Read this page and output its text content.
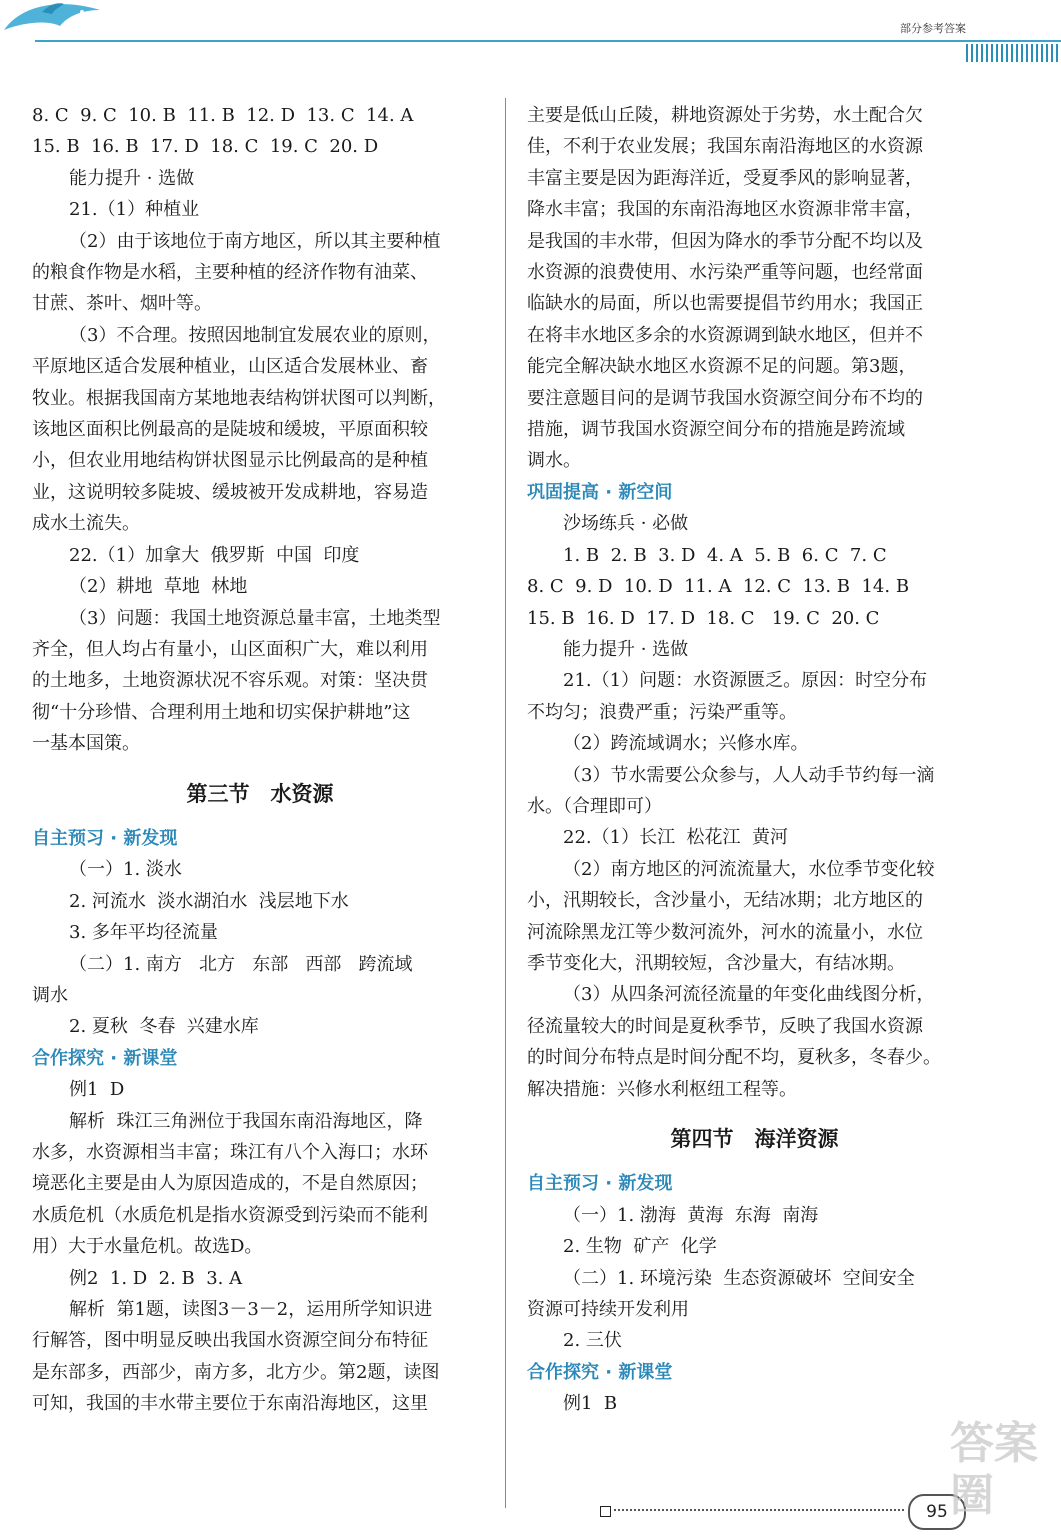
部分参考答案
8. C  9. C  10. B  11. B  12. D  13. C  14. A
15. B  16. B  17. D  18. C  19. C  20. D
能力提升 · 选做
21.（1）种植业
（2）由于该地位于南方地区，所以其主要种植
的粮食作物是水稻，主要种植的经济作物有油菜、
甘蔗、茶叶、烟叶等。
（3）不合理。按照因地制宜发展农业的原则，
平原地区适合发展种植业，山区适合发展林业、畜
牧业。根据我国南方某地地表结构饼状图可以判断，
该地区面积比例最高的是陡坡和缓坡，平原面积较
小，但农业用地结构饼状图显示比例最高的是种植
业，这说明较多陡坡、缓坡被开发成耕地，容易造
成水土流失。
22.（1）加拿大  俄罗斯  中国  印度
（2）耕地  草地  林地
（3）问题：我国土地资源总量丰富，土地类型
齐全，但人均占有量小，山区面积广大，难以利用
的土地多，土地资源状况不容乐观。对策：坚决贯
彻“十分珍惜、合理利用土地和切实保护耕地”这
一基本国策。
第三节　水资源
自主预习 · 新发现
（一）1. 淡水
2. 河流水  淡水湖泊水  浅层地下水
3. 多年平均径流量
（二）1. 南方   北方   东部   西部   跨流域
调水
2. 夏秋  冬春  兴建水库
合作探究 · 新课堂
例1  D
解析  珠江三角洲位于我国东南沿海地区，降
水多，水资源相当丰富；珠江有八个入海口；水环
境恶化主要是由人为原因造成的，不是自然原因；
水质危机（水质危机是指水资源受到污染而不能利
用）大于水量危机。故选D。
例2  1. D  2. B  3. A
解析  第1题，读图3－3－2，运用所学知识进
行解答，图中明显反映出我国水资源空间分布特征
是东部多，西部少，南方多，北方少。第2题，读图
可知，我国的丰水带主要位于东南沿海地区，这里
主要是低山丘陵，耕地资源处于劣势，水土配合欠
佳，不利于农业发展；我国东南沿海地区的水资源
丰富主要是因为距海洋近，受夏季风的影响显著，
降水丰富；我国的东南沿海地区水资源非常丰富，
是我国的丰水带，但因为降水的季节分配不均以及
水资源的浪费使用、水污染严重等问题，也经常面
临缺水的局面，所以也需要提倡节约用水；我国正
在将丰水地区多余的水资源调到缺水地区，但并不
能完全解决缺水地区水资源不足的问题。第3题，
要注意题目问的是调节我国水资源空间分布不均的
措施，调节我国水资源空间分布的措施是跨流域
调水。
巩固提高 · 新空间
沙场练兵 · 必做
1. B  2. B  3. D  4. A  5. B  6. C  7. C
8. C  9. D  10. D  11. A  12. C  13. B  14. B
15. B  16. D  17. D  18. C   19. C  20. C
能力提升 · 选做
21.（1）问题：水资源匮乏。原因：时空分布
不均匀；浪费严重；污染严重等。
（2）跨流域调水；兴修水库。
（3）节水需要公众参与，人人动手节约每一滴
水。（合理即可）
22.（1）长江  松花江  黄河
（2）南方地区的河流流量大，水位季节变化较
小，汛期较长，含沙量小，无结冰期；北方地区的
河流除黑龙江等少数河流外，河水的流量小，水位
季节变化大，汛期较短，含沙量大，有结冰期。
（3）从四条河流径流量的年变化曲线图分析，
径流量较大的时间是夏秋季节，反映了我国水资源
的时间分布特点是时间分配不均，夏秋多，冬春少。
解决措施：兴修水利枢纽工程等。
第四节　海洋资源
自主预习 · 新发现
（一）1. 渤海  黄海  东海  南海
2. 生物  矿产  化学
（二）1. 环境污染  生态资源破坏  空间安全
资源可持续开发利用
2. 三伏
合作探究 · 新课堂
例1  B
95
答案圈
